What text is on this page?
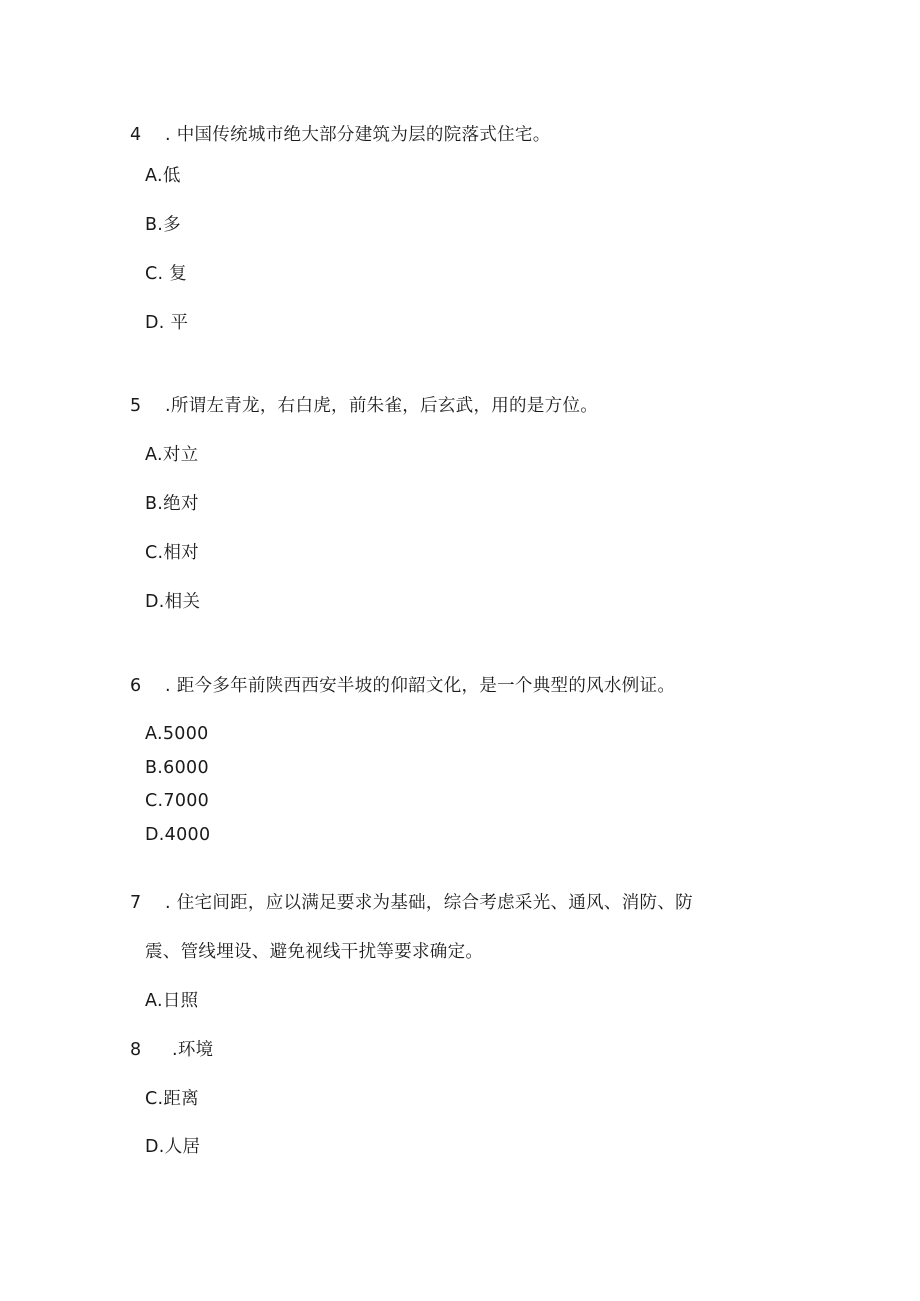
4 . 中国传统城市绝大部分建筑为层的院落式住宅。
A.低
B.多
C. 复
D. 平
5 .所谓左青龙，右白虎，前朱雀，后玄武，用的是方位。
A.对立
B.绝对
C.相对
D.相关
6 . 距今多年前陕西西安半坡的仰韶文化，是一个典型的风水例证。
A.5000
B.6000
C.7000
D.4000
7 . 住宅间距，应以满足要求为基础，综合考虑采光、通风、消防、防
震、管线埋设、避免视线干扰等要求确定。
A.日照
8 .环境
C.距离
D.人居
